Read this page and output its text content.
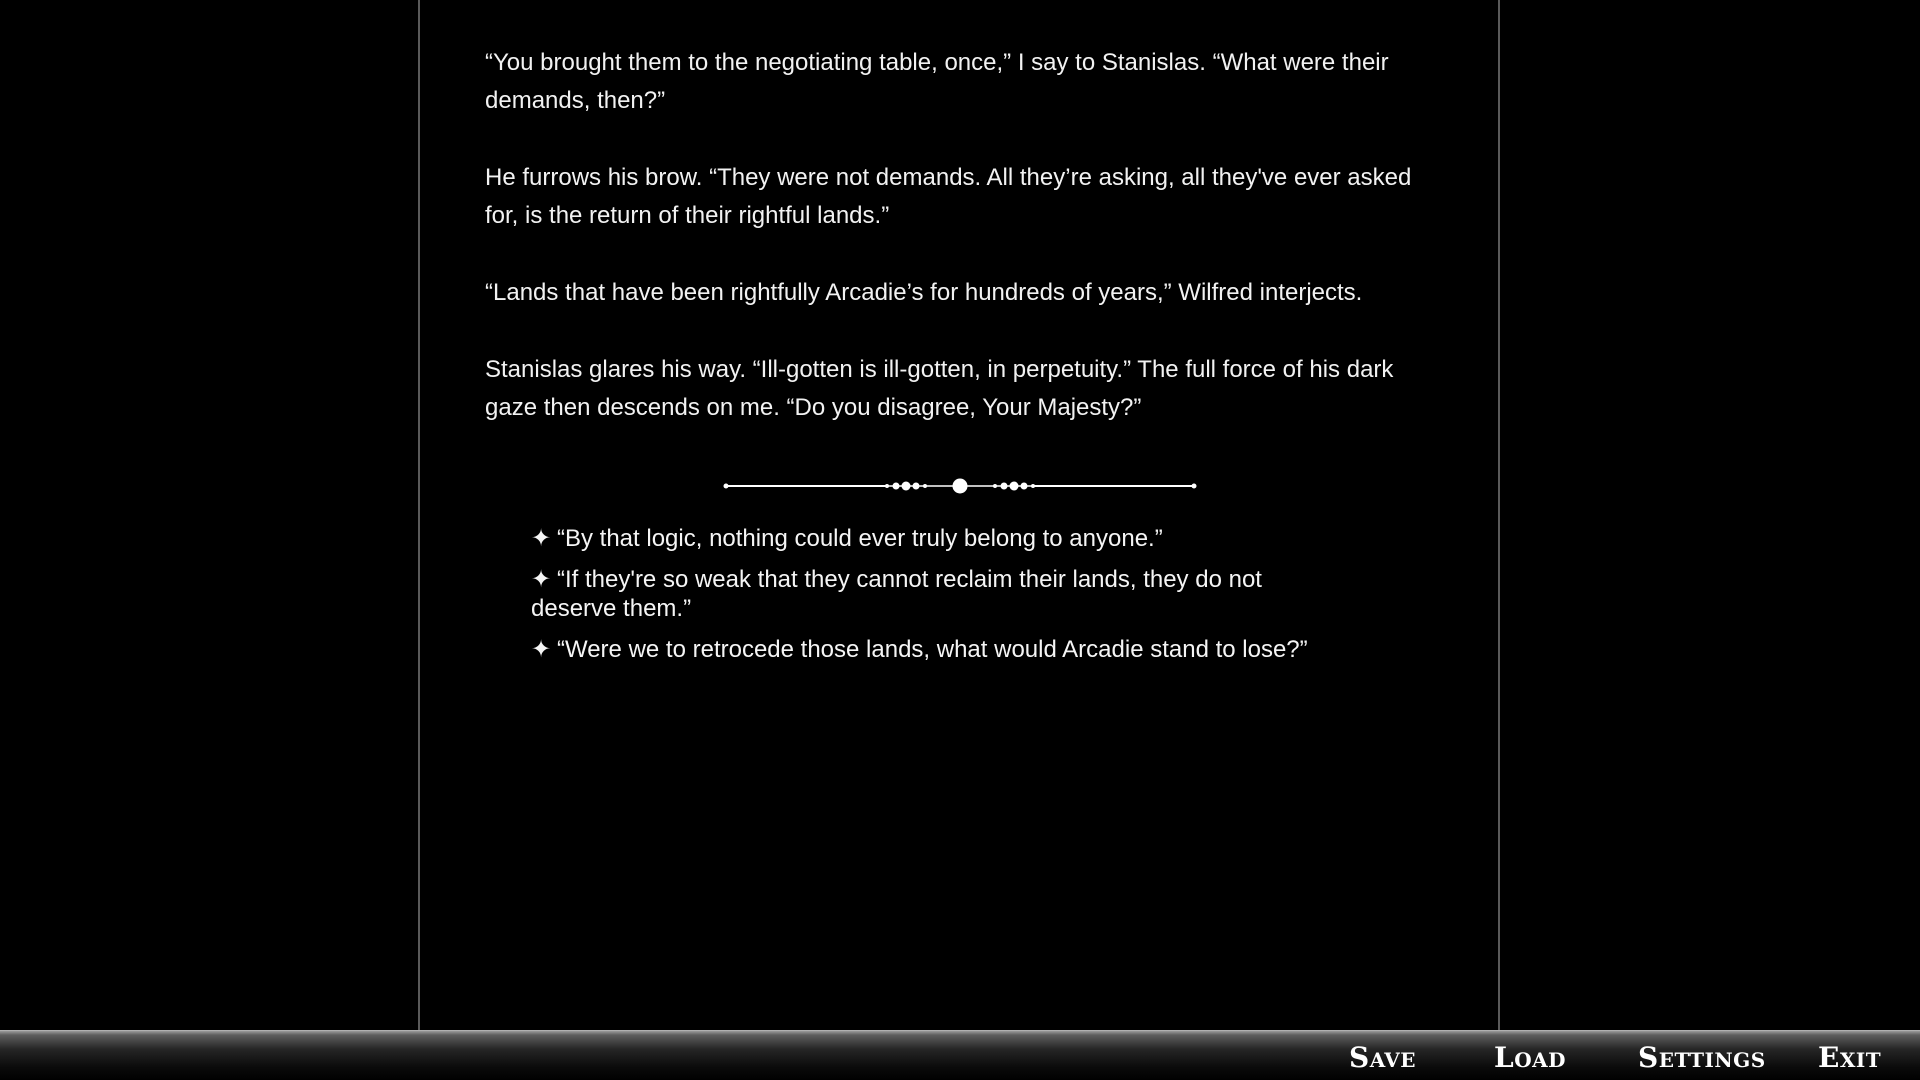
“You brought them to the negotiating table, once,” I say to Stanislas. “What were their demands, then?”

He furrows his brow. “They were not demands. All they’re asking, all they've ever asked for, is the return of their rightful lands.”

“Lands that have been rightfully Arcadie’s for hundreds of years,” Wilfred interjects.

Stanislas glares his way. “Ill-gotten is ill-gotten, in perpetuity.” The full force of his dark gaze then descends on me. “Do you disagree, Your Majesty?”

✦ “By that logic, nothing could ever truly belong to anyone.”
✦ “If they're so weak that they cannot reclaim their lands, they do not deserve them.”
✦ “Were we to retrocede those lands, what would Arcadie stand to lose?”
Save	Load	Settings Exit
